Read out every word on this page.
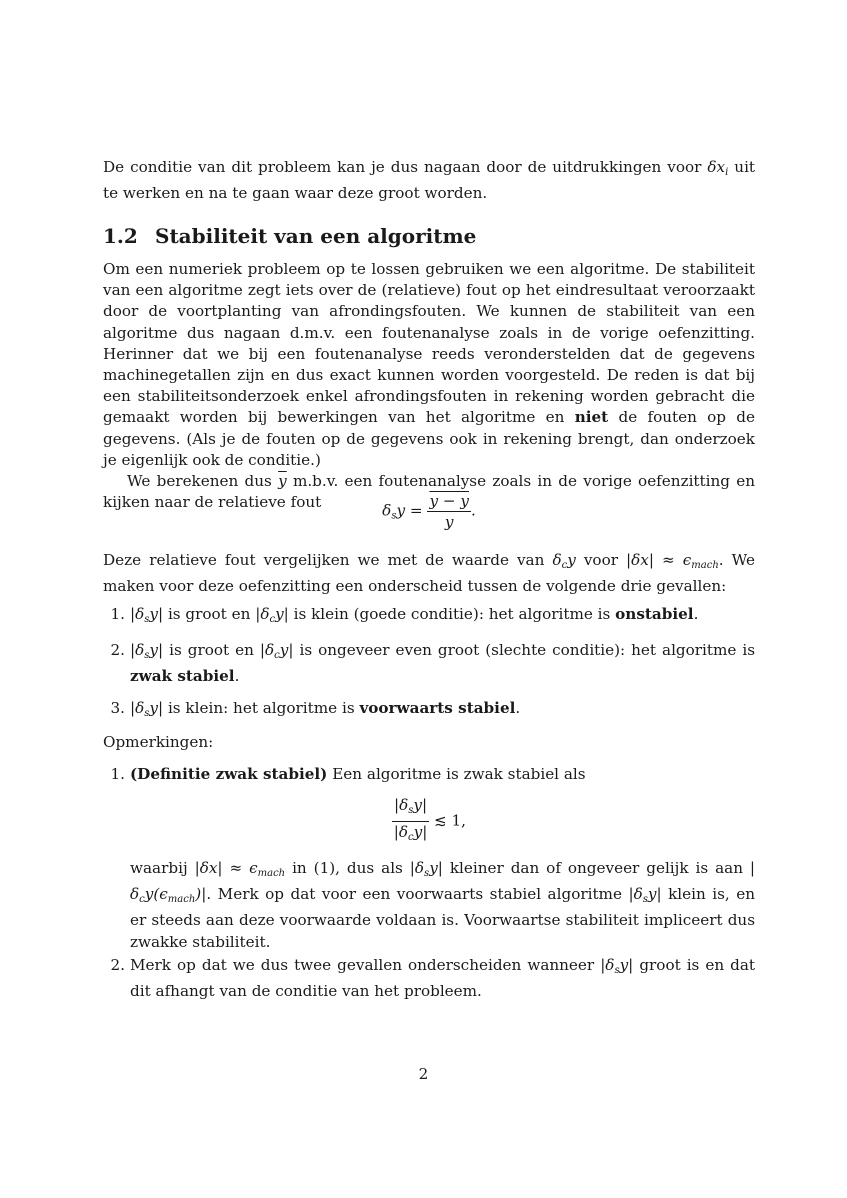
De conditie van dit probleem kan je dus nagaan door de uitdrukkingen voor $\delta x_i$ uit te werken en na te gaan waar deze groot worden.

1.2 Stabiliteit van een algoritme

Om een numeriek probleem op te lossen gebruiken we een algoritme. De stabiliteit van een algoritme zegt iets over de (relatieve) fout op het eindresultaat veroorzaakt door de voortplanting van afrondingsfouten. We kunnen de stabiliteit van een algoritme dus nagaan d.m.v. een foutenanalyse zoals in de vorige oefenzitting. Herinner dat we bij een foutenanalyse reeds veronderstelden dat de gegevens machinegetallen zijn en dus exact kunnen worden voorgesteld. De reden is dat bij een stabiliteitsonderzoek enkel afrondingsfouten in rekening worden gebracht die gemaakt worden bij bewerkingen van het algoritme en niet de fouten op de gegevens. (Als je de fouten op de gegevens ook in rekening brengt, dan onderzoek je eigenlijk ook de conditie.)

We berekenen dus $\overline{y}$ m.b.v. een foutenanalyse zoals in de vorige oefenzitting en kijken naar de relatieve fout	$\delta_sy = \frac{y - y}{y}$ .

Deze relatieve fout vergelijken we met de waarde van $\delta_cy$ voor $|\delta x| \approx \epsilon_{mach}$. We maken voor deze oefenzitting een onderscheid tussen de volgende drie gevallen:

1. $|\delta_sy|$ is groot en $|\delta_cy|$ is klein (goede conditie): het algoritme is onstabiel.
2. $|\delta_sy|$ is groot en $|\delta_cy|$ is ongeveer even groot (slechte conditie): het algoritme is zwak stabiel.
3. $|\delta_sy|$ is klein: het algoritme is voorwaarts stabiel.

Opmerkingen:

1. (Definitie zwak stabiel) Een algoritme is zwak stabiel als
$\frac{|\delta_sy|}{|\delta_cy|}$ ≲ 1,

waarbij $|\delta x| \approx \epsilon_{mach}$ in (1), dus als $|\delta_sy|$ kleiner dan of ongeveer gelijk is aan $|\delta_cy(\epsilon_{mach})|$. Merk op dat voor een voorwaarts stabiel algoritme $|\delta_sy|$ klein is, en er steeds aan deze voorwaarde voldaan is. Voorwaartse stabiliteit impliceert dus zwakke stabiliteit.

2. Merk op dat we dus twee gevallen onderscheiden wanneer $|\delta_sy|$ groot is en dat dit afhangt van de conditie van het probleem.
2
